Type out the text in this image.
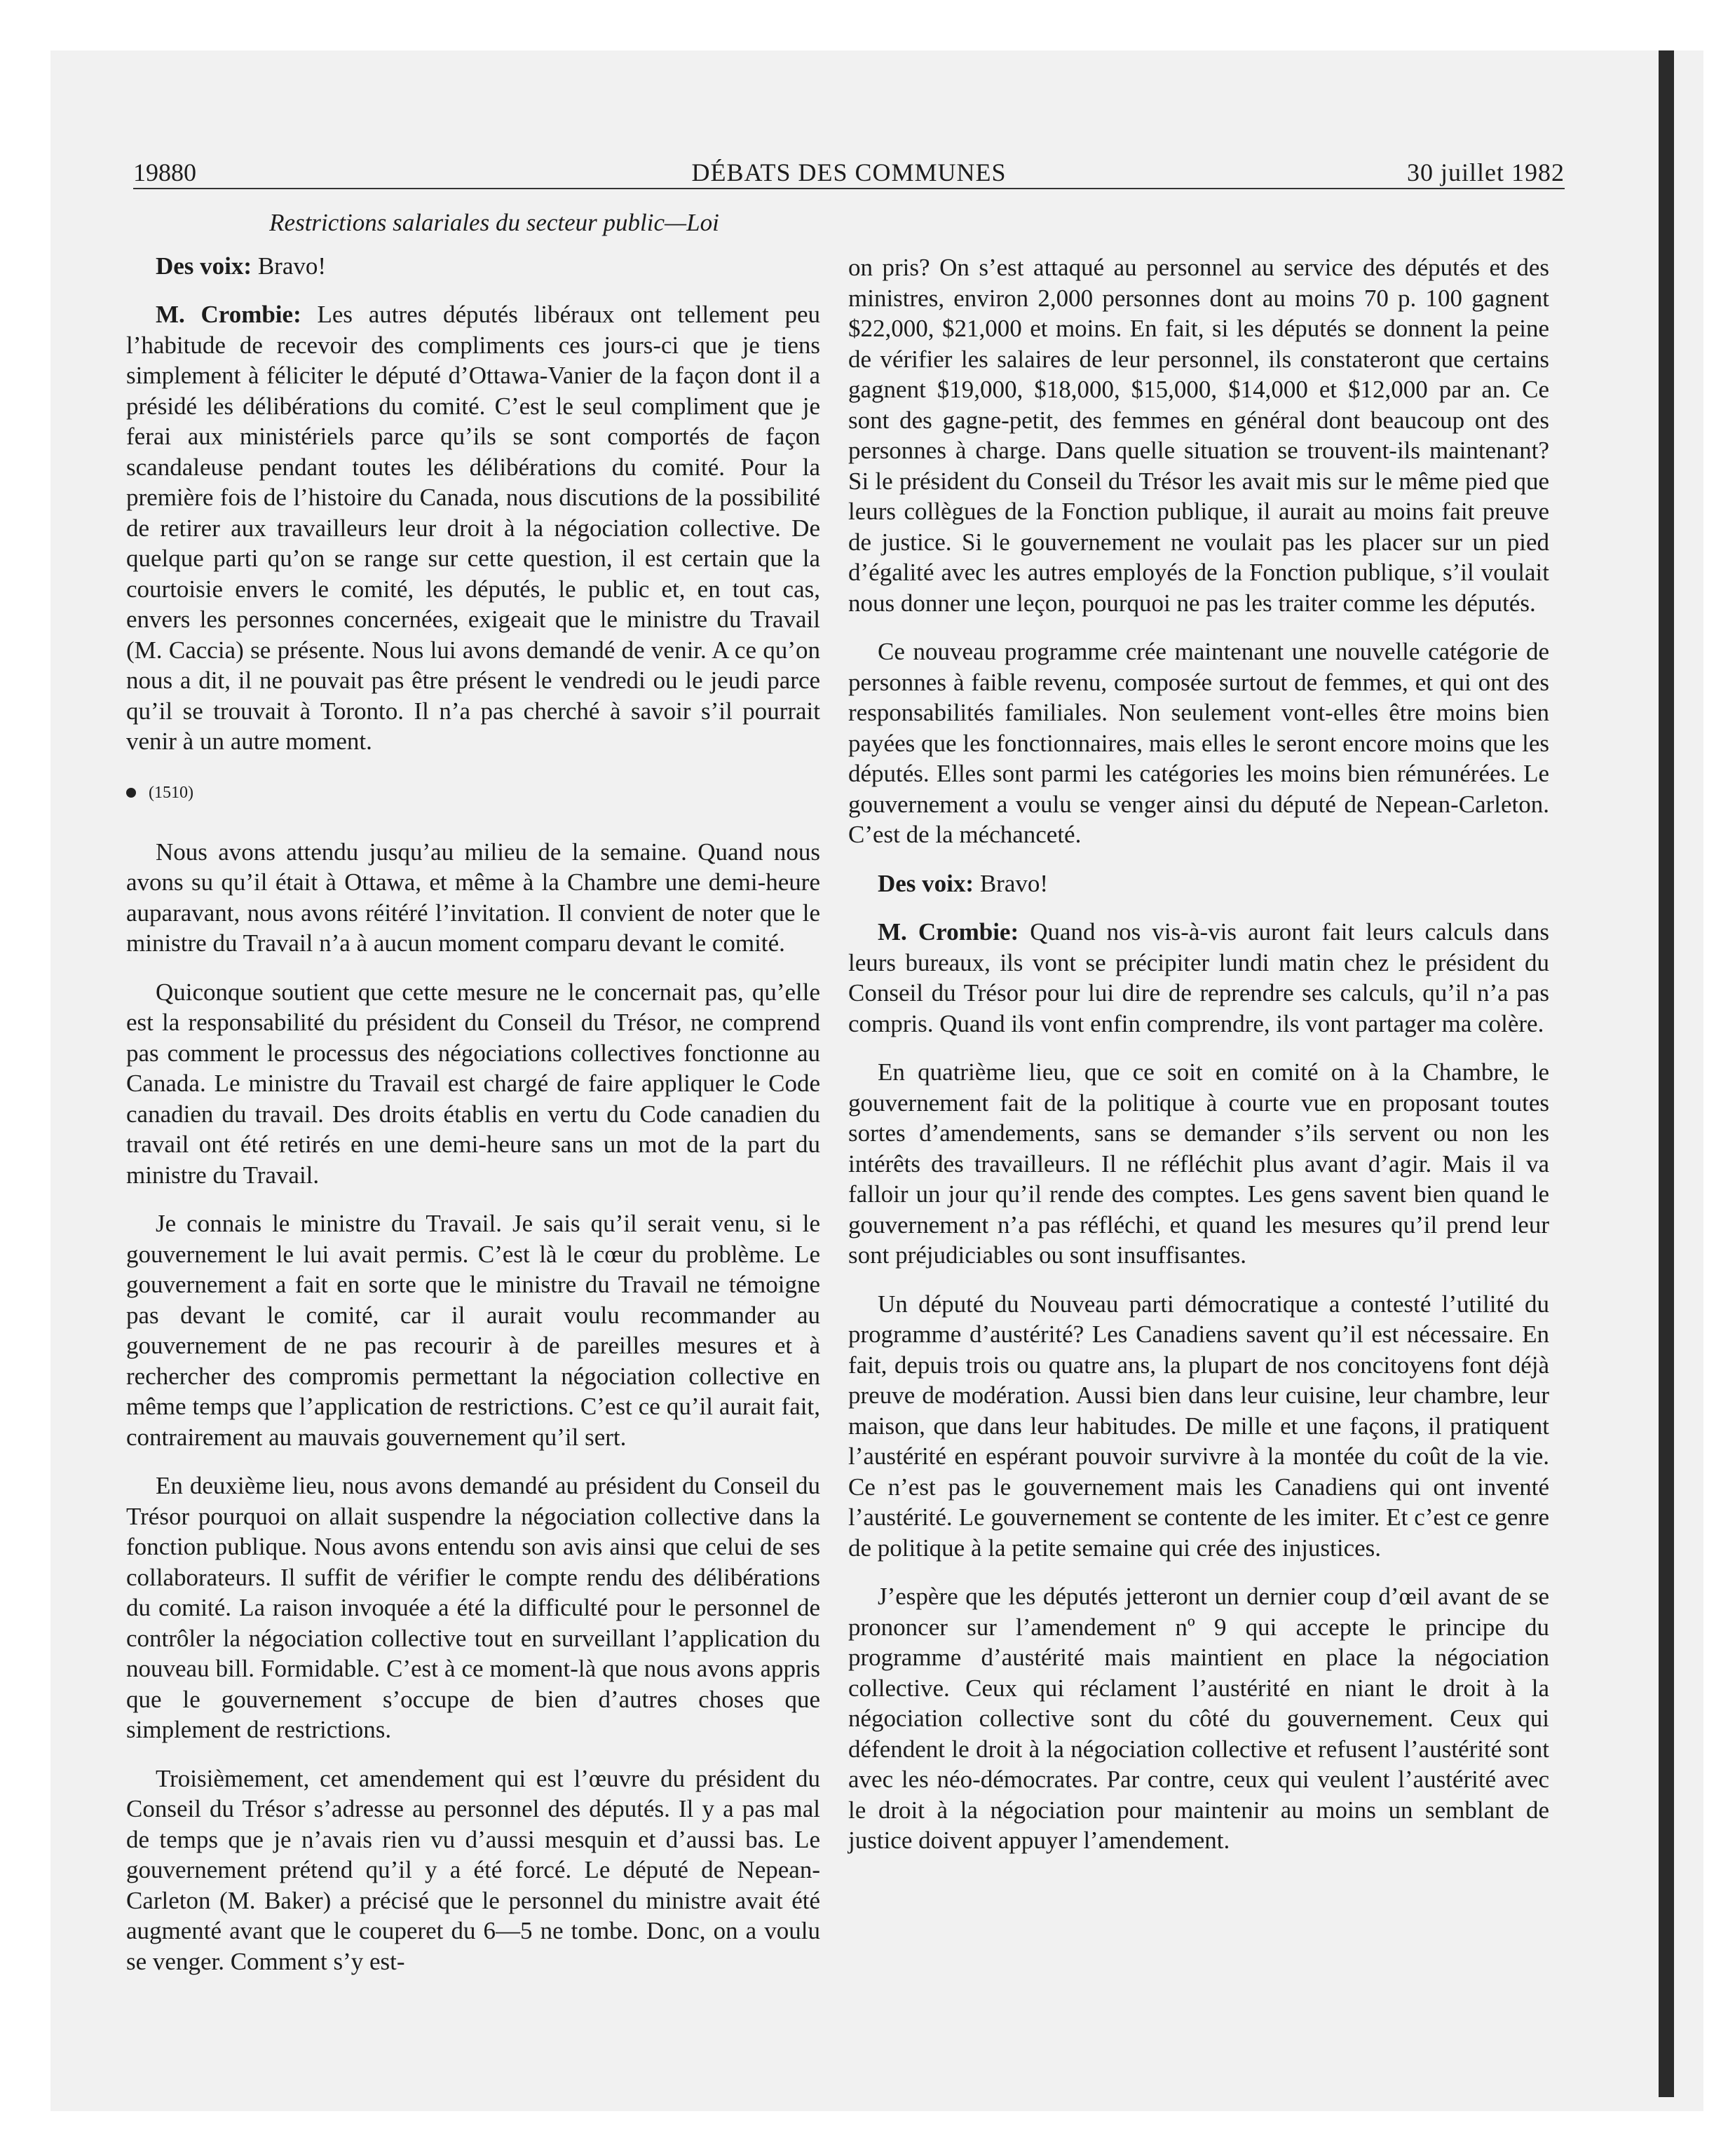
19880	DÉBATS DES COMMUNES	30 juillet 1982

Restrictions salariales du secteur public—Loi

Des voix: Bravo!

M. Crombie: Les autres députés libéraux ont tellement peu l’habitude de recevoir des compliments ces jours-ci que je tiens simplement à féliciter le député d’Ottawa-Vanier de la façon dont il a présidé les délibérations du comité. C’est le seul compliment que je ferai aux ministériels parce qu’ils se sont comportés de façon scandaleuse pendant toutes les délibérations du comité. Pour la première fois de l’histoire du Canada, nous discutions de la possibilité de retirer aux travailleurs leur droit à la négociation collective. De quelque parti qu’on se range sur cette question, il est certain que la courtoisie envers le comité, les députés, le public et, en tout cas, envers les personnes concernées, exigeait que le ministre du Travail (M. Caccia) se présente. Nous lui avons demandé de venir. A ce qu’on nous a dit, il ne pouvait pas être présent le vendredi ou le jeudi parce qu’il se trouvait à Toronto. Il n’a pas cherché à savoir s’il pourrait venir à un autre moment.

(1510)

Nous avons attendu jusqu’au milieu de la semaine. Quand nous avons su qu’il était à Ottawa, et même à la Chambre une demi-heure auparavant, nous avons réitéré l’invitation. Il convient de noter que le ministre du Travail n’a à aucun moment comparu devant le comité.

Quiconque soutient que cette mesure ne le concernait pas, qu’elle est la responsabilité du président du Conseil du Trésor, ne comprend pas comment le processus des négociations collectives fonctionne au Canada. Le ministre du Travail est chargé de faire appliquer le Code canadien du travail. Des droits établis en vertu du Code canadien du travail ont été retirés en une demi-heure sans un mot de la part du ministre du Travail.

Je connais le ministre du Travail. Je sais qu’il serait venu, si le gouvernement le lui avait permis. C’est là le cœur du problème. Le gouvernement a fait en sorte que le ministre du Travail ne témoigne pas devant le comité, car il aurait voulu recommander au gouvernement de ne pas recourir à de pareilles mesures et à rechercher des compromis permettant la négociation collective en même temps que l’application de restrictions. C’est ce qu’il aurait fait, contrairement au mauvais gouvernement qu’il sert.

En deuxième lieu, nous avons demandé au président du Conseil du Trésor pourquoi on allait suspendre la négociation collective dans la fonction publique. Nous avons entendu son avis ainsi que celui de ses collaborateurs. Il suffit de vérifier le compte rendu des délibérations du comité. La raison invoquée a été la difficulté pour le personnel de contrôler la négociation collective tout en surveillant l’application du nouveau bill. Formidable. C’est à ce moment-là que nous avons appris que le gouvernement s’occupe de bien d’autres choses que simplement de restrictions.

Troisièmement, cet amendement qui est l’œuvre du président du Conseil du Trésor s’adresse au personnel des députés. Il y a pas mal de temps que je n’avais rien vu d’aussi mesquin et d’aussi bas. Le gouvernement prétend qu’il y a été forcé. Le député de Nepean-Carleton (M. Baker) a précisé que le personnel du ministre avait été augmenté avant que le couperet du 6—5 ne tombe. Donc, on a voulu se venger. Comment s’y est-

on pris? On s’est attaqué au personnel au service des députés et des ministres, environ 2,000 personnes dont au moins 70 p. 100 gagnent $22,000, $21,000 et moins. En fait, si les députés se donnent la peine de vérifier les salaires de leur personnel, ils constateront que certains gagnent $19,000, $18,000, $15,000, $14,000 et $12,000 par an. Ce sont des gagne-petit, des femmes en général dont beaucoup ont des personnes à charge. Dans quelle situation se trouvent-ils maintenant? Si le président du Conseil du Trésor les avait mis sur le même pied que leurs collègues de la Fonction publique, il aurait au moins fait preuve de justice. Si le gouvernement ne voulait pas les placer sur un pied d’égalité avec les autres employés de la Fonction publique, s’il voulait nous donner une leçon, pourquoi ne pas les traiter comme les députés.

Ce nouveau programme crée maintenant une nouvelle catégorie de personnes à faible revenu, composée surtout de femmes, et qui ont des responsabilités familiales. Non seulement vont-elles être moins bien payées que les fonctionnaires, mais elles le seront encore moins que les députés. Elles sont parmi les catégories les moins bien rémunérées. Le gouvernement a voulu se venger ainsi du député de Nepean-Carleton. C’est de la méchanceté.

Des voix: Bravo!

M. Crombie: Quand nos vis-à-vis auront fait leurs calculs dans leurs bureaux, ils vont se précipiter lundi matin chez le président du Conseil du Trésor pour lui dire de reprendre ses calculs, qu’il n’a pas compris. Quand ils vont enfin comprendre, ils vont partager ma colère.

En quatrième lieu, que ce soit en comité on à la Chambre, le gouvernement fait de la politique à courte vue en proposant toutes sortes d’amendements, sans se demander s’ils servent ou non les intérêts des travailleurs. Il ne réfléchit plus avant d’agir. Mais il va falloir un jour qu’il rende des comptes. Les gens savent bien quand le gouvernement n’a pas réfléchi, et quand les mesures qu’il prend leur sont préjudiciables ou sont insuffisantes.

Un député du Nouveau parti démocratique a contesté l’utilité du programme d’austérité? Les Canadiens savent qu’il est nécessaire. En fait, depuis trois ou quatre ans, la plupart de nos concitoyens font déjà preuve de modération. Aussi bien dans leur cuisine, leur chambre, leur maison, que dans leur habitudes. De mille et une façons, il pratiquent l’austérité en espérant pouvoir survivre à la montée du coût de la vie. Ce n’est pas le gouvernement mais les Canadiens qui ont inventé l’austérité. Le gouvernement se contente de les imiter. Et c’est ce genre de politique à la petite semaine qui crée des injustices.

J’espère que les députés jetteront un dernier coup d’œil avant de se prononcer sur l’amendement nº 9 qui accepte le principe du programme d’austérité mais maintient en place la négociation collective. Ceux qui réclament l’austérité en niant le droit à la négociation collective sont du côté du gouvernement. Ceux qui défendent le droit à la négociation collective et refusent l’austérité sont avec les néo-démocrates. Par contre, ceux qui veulent l’austérité avec le droit à la négociation pour maintenir au moins un semblant de justice doivent appuyer l’amendement.
